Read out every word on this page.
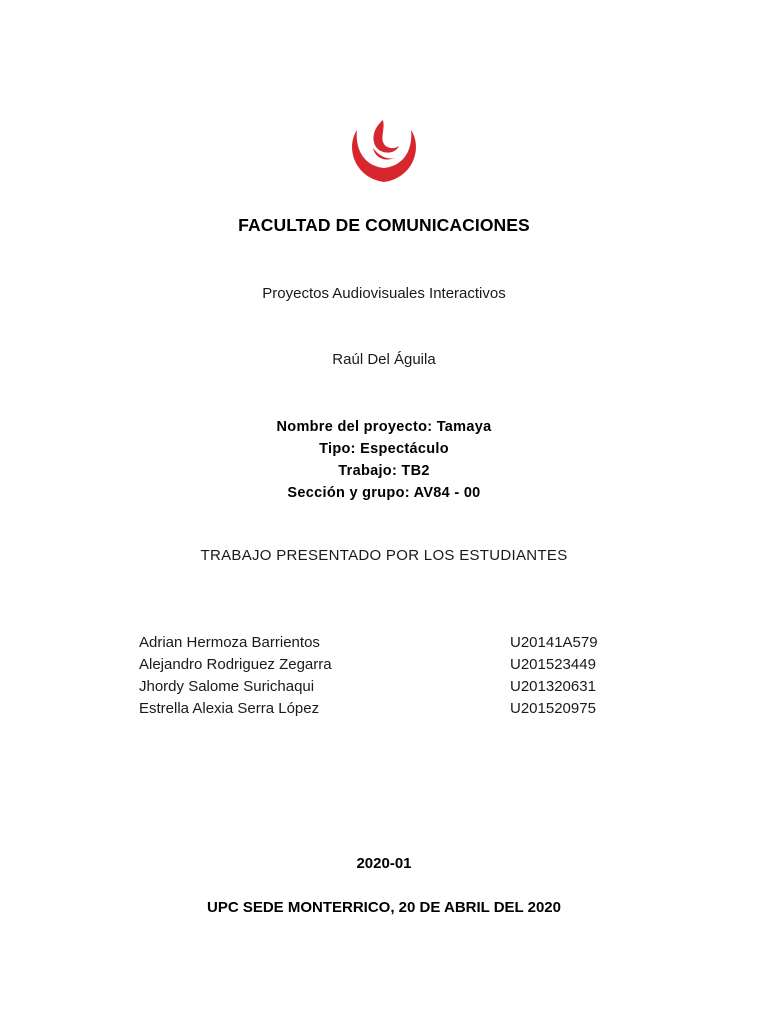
FACULTAD DE COMUNICACIONES
Proyectos Audiovisuales Interactivos
Raúl Del Águila
Nombre del proyecto: Tamaya
Tipo: Espectáculo
Trabajo: TB2
Sección y grupo: AV84 - 00
TRABAJO PRESENTADO POR LOS ESTUDIANTES
Adrian Hermoza Barrientos	U20141A579
Alejandro Rodriguez Zegarra	U201523449
Jhordy Salome Surichaqui	U201320631
Estrella Alexia Serra López	U201520975
2020-01
UPC SEDE MONTERRICO, 20 DE ABRIL DEL 2020
